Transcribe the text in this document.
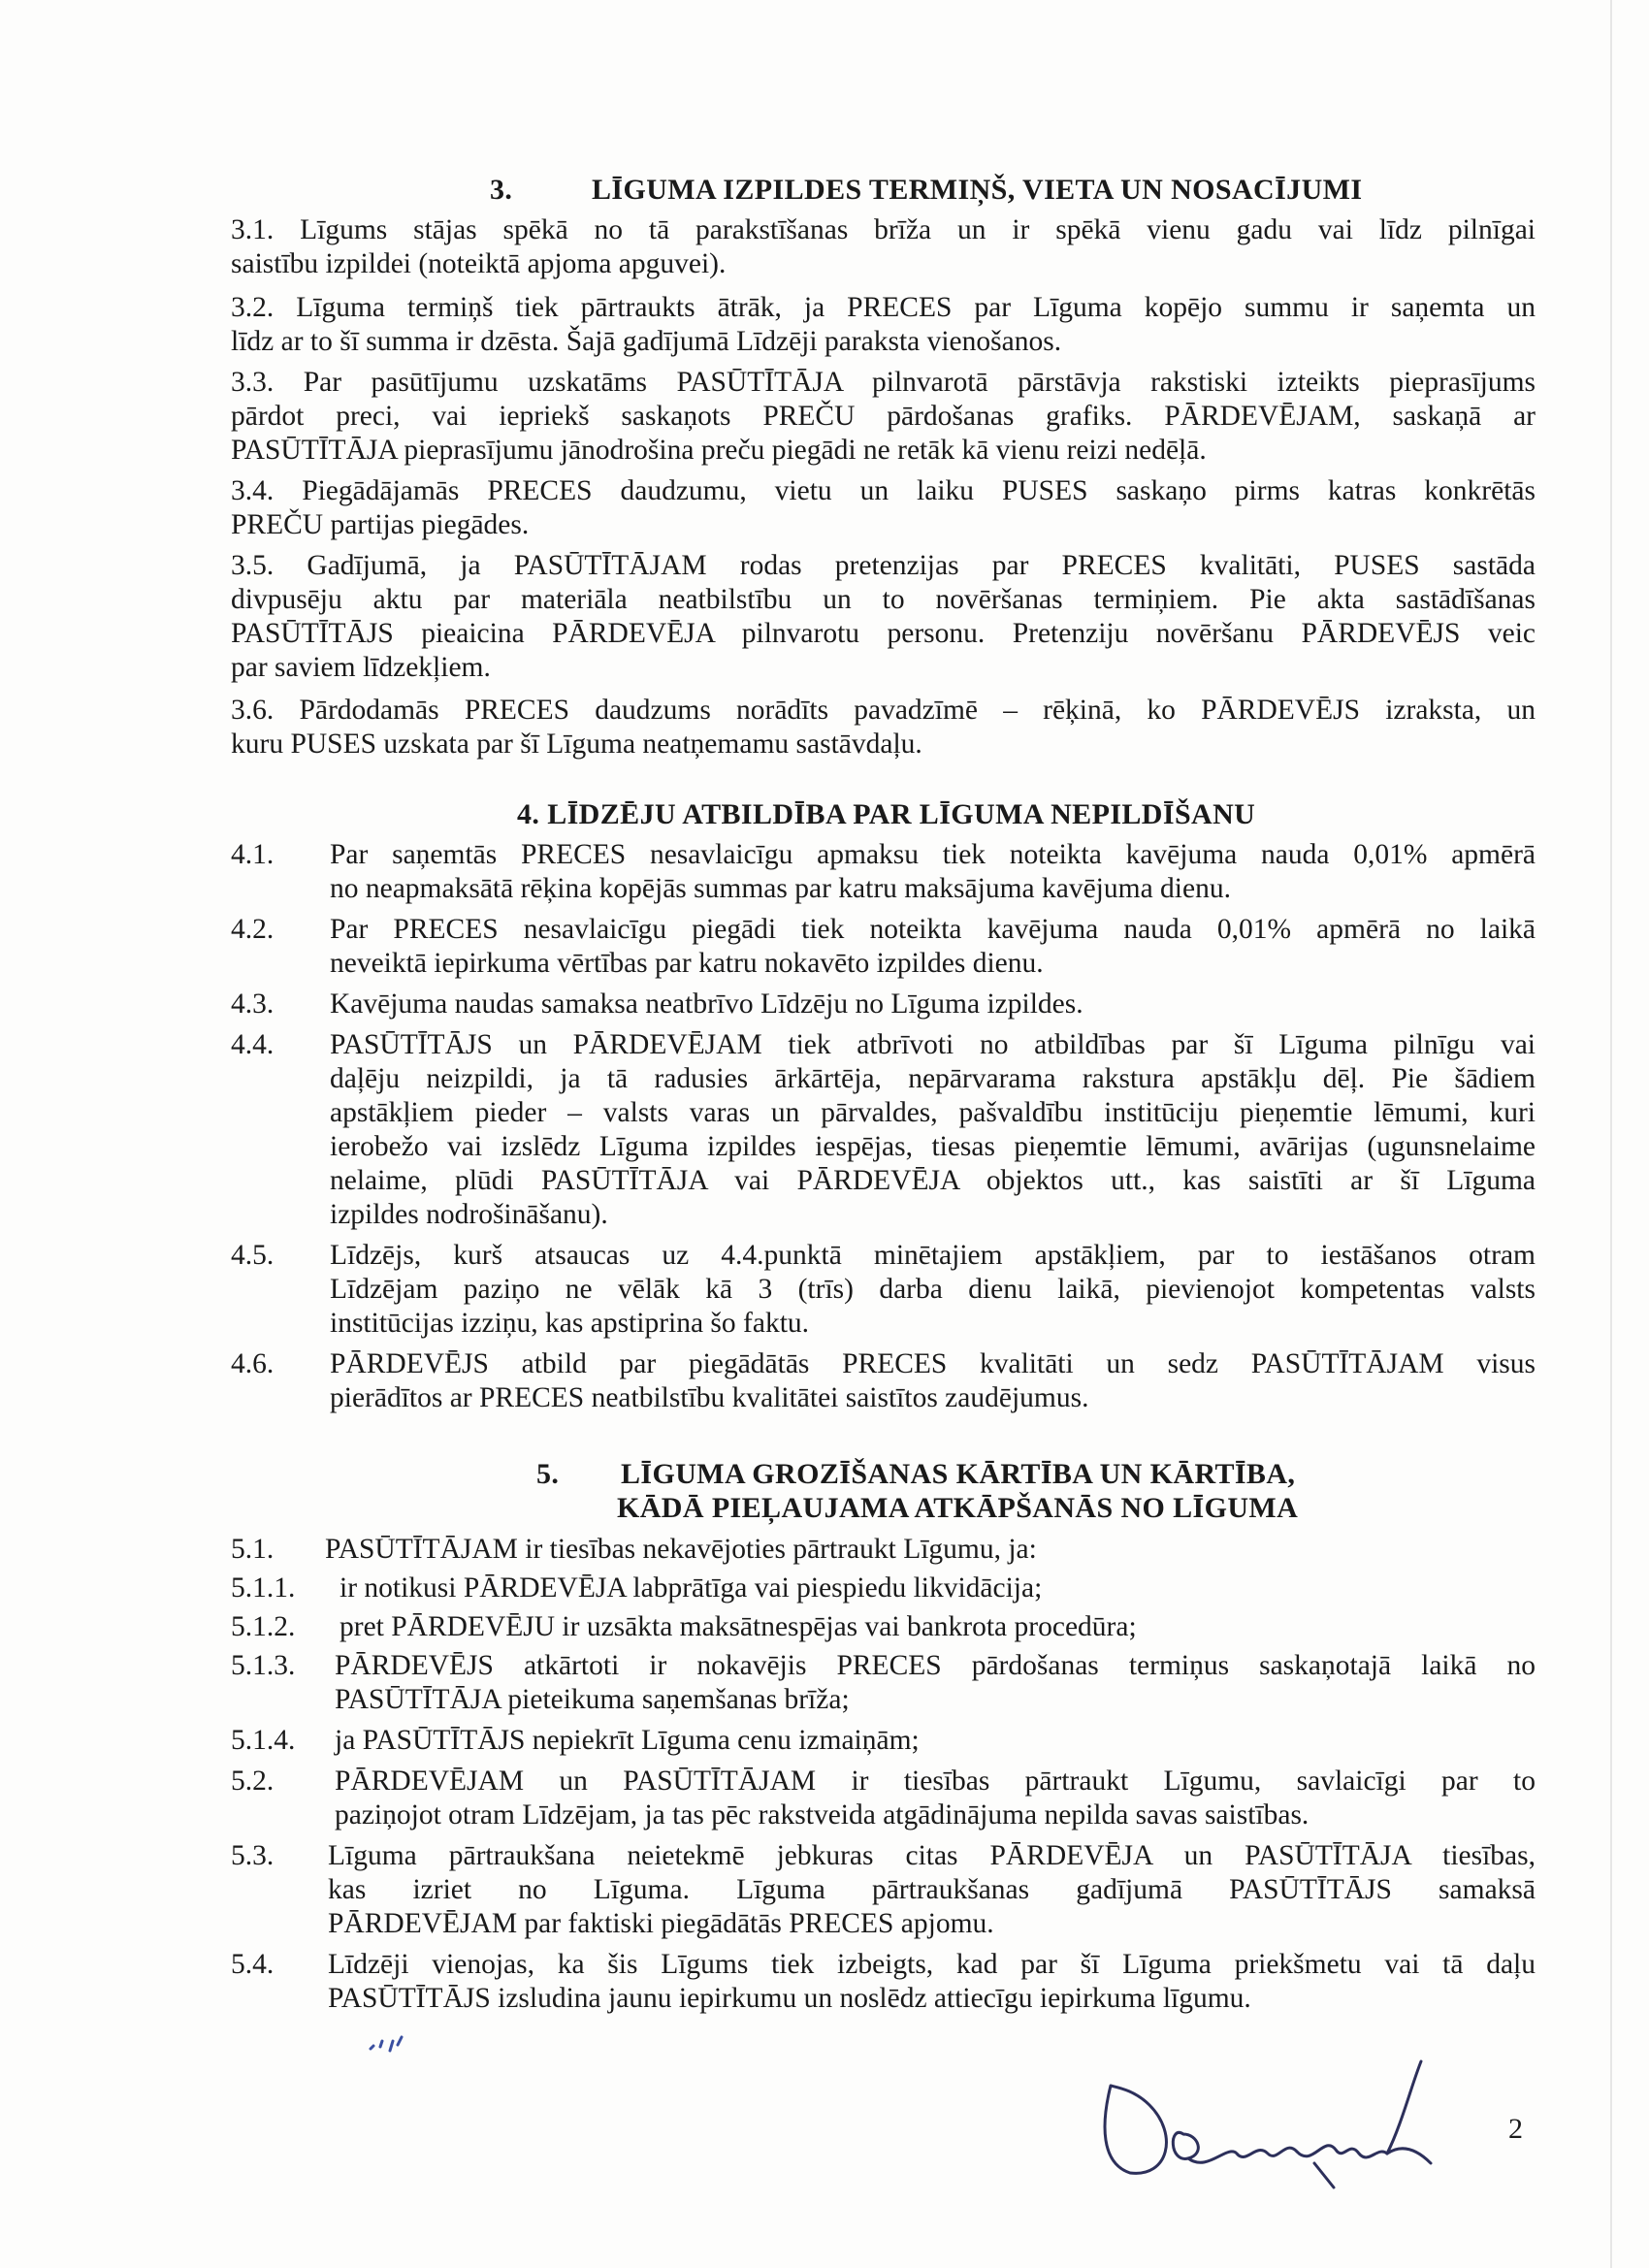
3.	LĪGUMA IZPILDES TERMIŅŠ, VIETA UN NOSACĪJUMI

3.1. Līgums stājas spēkā no tā parakstīšanas brīža un ir spēkā vienu gadu vai līdz pilnīgai

saistību izpildei (noteiktā apjoma apguvei).

3.2. Līguma termiņš tiek pārtraukts ātrāk, ja PRECES par Līguma kopējo summu ir saņemta un

līdz ar to šī summa ir dzēsta. Šajā gadījumā Līdzēji paraksta vienošanos.

3.3. Par pasūtījumu uzskatāms PASŪTĪTĀJA pilnvarotā pārstāvja rakstiski izteikts pieprasījums

pārdot preci, vai iepriekš saskaņots PREČU pārdošanas grafiks. PĀRDEVĒJAM, saskaņā ar

PASŪTĪTĀJA pieprasījumu jānodrošina preču piegādi ne retāk kā vienu reizi nedēļā.

3.4. Piegādājamās PRECES daudzumu, vietu un laiku PUSES saskaņo pirms katras konkrētās

PREČU partijas piegādes.

3.5. Gadījumā, ja PASŪTĪTĀJAM rodas pretenzijas par PRECES kvalitāti, PUSES sastāda

divpusēju aktu par materiāla neatbilstību un to novēršanas termiņiem. Pie akta sastādīšanas

PASŪTĪTĀJS pieaicina PĀRDEVĒJA pilnvarotu personu. Pretenziju novēršanu PĀRDEVĒJS veic

par saviem līdzekļiem.

3.6. Pārdodamās PRECES daudzums norādīts pavadzīmē – rēķinā, ko PĀRDEVĒJS izraksta, un

kuru PUSES uzskata par šī Līguma neatņemamu sastāvdaļu.

4. LĪDZĒJU ATBILDĪBA PAR LĪGUMA NEPILDĪŠANU

4.1. Par saņemtās PRECES nesavlaicīgu apmaksu tiek noteikta kavējuma nauda 0,01% apmērā

no neapmaksātā rēķina kopējās summas par katru maksājuma kavējuma dienu.

4.2. Par PRECES nesavlaicīgu piegādi tiek noteikta kavējuma nauda 0,01% apmērā no laikā

neveiktā iepirkuma vērtības par katru nokavēto izpildes dienu.

4.3. Kavējuma naudas samaksa neatbrīvo Līdzēju no Līguma izpildes.

4.4. PASŪTĪTĀJS un PĀRDEVĒJAM tiek atbrīvoti no atbildības par šī Līguma pilnīgu vai

daļēju neizpildi, ja tā radusies ārkārtēja, nepārvarama rakstura apstākļu dēļ. Pie šādiem

apstākļiem pieder – valsts varas un pārvaldes, pašvaldību institūciju pieņemtie lēmumi, kuri

ierobežo vai izslēdz Līguma izpildes iespējas, tiesas pieņemtie lēmumi, avārijas (ugunsnelaime

nelaime, plūdi PASŪTĪTĀJA vai PĀRDEVĒJA objektos utt., kas saistīti ar šī Līguma

izpildes nodrošināšanu).

4.5. Līdzējs, kurš atsaucas uz 4.4.punktā minētajiem apstākļiem, par to iestāšanos otram

Līdzējam paziņo ne vēlāk kā 3 (trīs) darba dienu laikā, pievienojot kompetentas valsts

institūcijas izziņu, kas apstiprina šo faktu.

4.6. PĀRDEVĒJS atbild par piegādātās PRECES kvalitāti un sedz PASŪTĪTĀJAM visus

pierādītos ar PRECES neatbilstību kvalitātei saistītos zaudējumus.

5. LĪGUMA GROZĪŠANAS KĀRTĪBA UN KĀRTĪBA,

KĀDĀ PIEĻAUJAMA ATKĀPŠANĀS NO LĪGUMA

5.1. PASŪTĪTĀJAM ir tiesības nekavējoties pārtraukt Līgumu, ja:

5.1.1. ir notikusi PĀRDEVĒJA labprātīga vai piespiedu likvidācija;

5.1.2. pret PĀRDEVĒJU ir uzsākta maksātnespējas vai bankrota procedūra;

5.1.3. PĀRDEVĒJS atkārtoti ir nokavējis PRECES pārdošanas termiņus saskaņotajā laikā no

PASŪTĪTĀJA pieteikuma saņemšanas brīža;

5.1.4. ja PASŪTĪTĀJS nepiekrīt Līguma cenu izmaiņām;

5.2. PĀRDEVĒJAM un PASŪTĪTĀJAM ir tiesības pārtraukt Līgumu, savlaicīgi par to

paziņojot otram Līdzējam, ja tas pēc rakstveida atgādinājuma nepilda savas saistības.

5.3. Līguma pārtraukšana neietekmē jebkuras citas PĀRDEVĒJA un PASŪTĪTĀJA tiesības,

kas izriet no Līguma. Līguma pārtraukšanas gadījumā PASŪTĪTĀJS samaksā

PĀRDEVĒJAM par faktiski piegādātās PRECES apjomu.

5.4. Līdzēji vienojas, ka šis Līgums tiek izbeigts, kad par šī Līguma priekšmetu vai tā daļu

PASŪTĪTĀJS izsludina jaunu iepirkumu un noslēdz attiecīgu iepirkuma līgumu.

2
